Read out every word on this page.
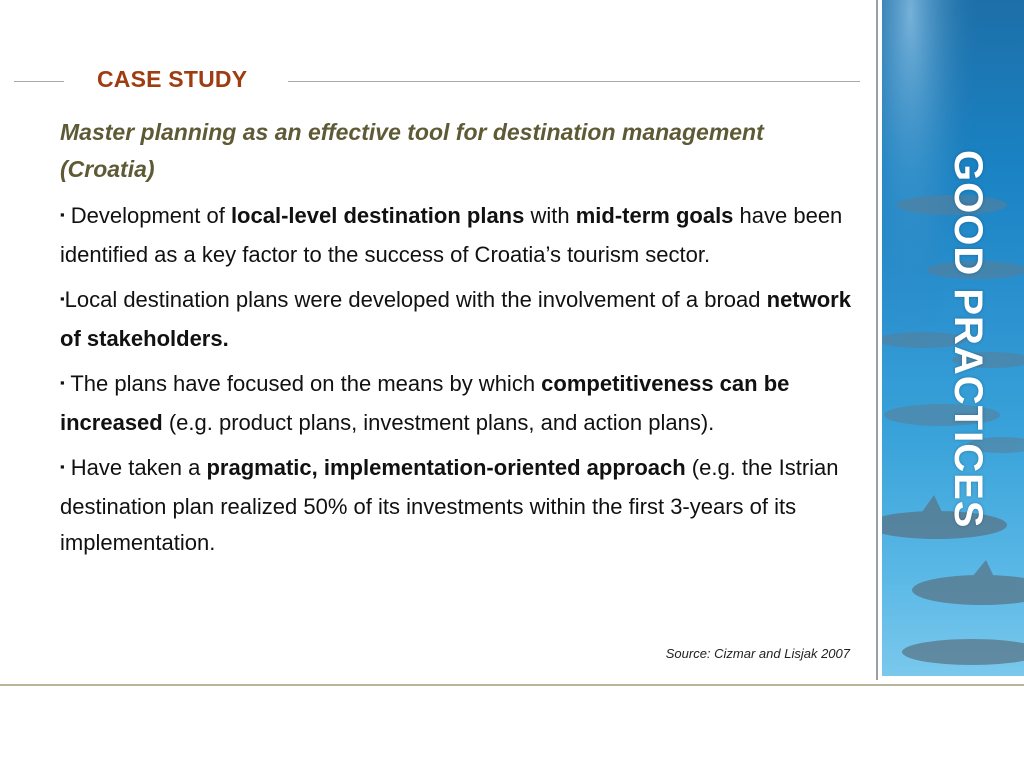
CASE STUDY
Master planning as an effective tool for destination management (Croatia)

▪ Development of local-level destination plans with mid-term goals have been identified as a key factor to the success of Croatia’s tourism sector.

▪Local destination plans were developed with the involvement of a broad network of stakeholders.

▪ The plans have focused on the means by which competitiveness can be increased (e.g. product plans, investment plans, and action plans).

▪ Have taken a pragmatic, implementation-oriented approach (e.g. the Istrian destination plan realized 50% of its investments within the first 3-years of its implementation.

Source: Cizmar and Lisjak 2007
GOOD PRACTICES
